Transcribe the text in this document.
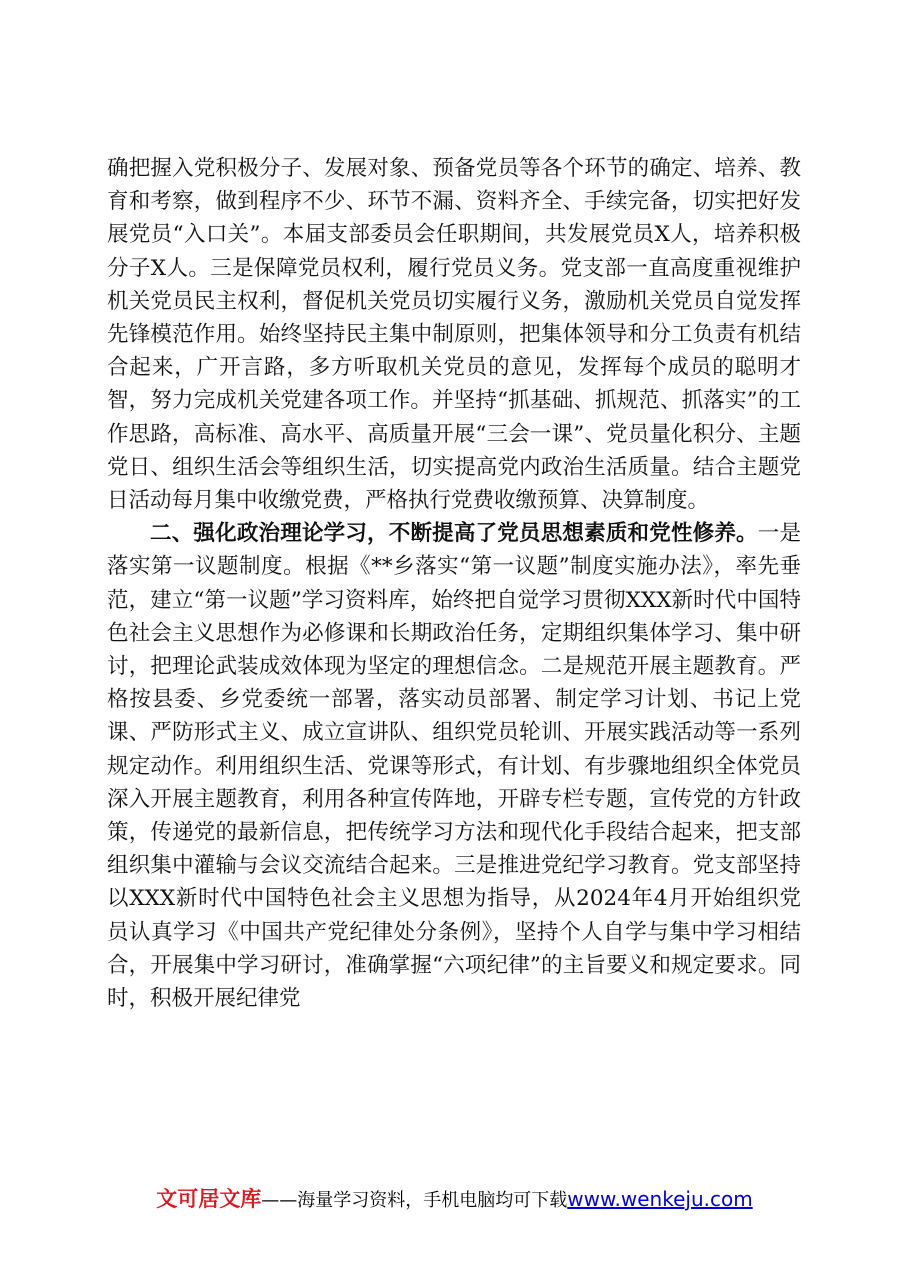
确把握入党积极分子、发展对象、预备党员等各个环节的确定、培养、教育和考察，做到程序不少、环节不漏、资料齐全、手续完备，切实把好发展党员“入口关”。本届支部委员会任职期间，共发展党员X人，培养积极分子X人。三是保障党员权利，履行党员义务。党支部一直高度重视维护机关党员民主权利，督促机关党员切实履行义务，激励机关党员自觉发挥先锋模范作用。始终坚持民主集中制原则，把集体领导和分工负责有机结合起来，广开言路，多方听取机关党员的意见，发挥每个成员的聪明才智，努力完成机关党建各项工作。并坚持“抓基础、抓规范、抓落实”的工作思路，高标准、高水平、高质量开展“三会一课”、党员量化积分、主题党日、组织生活会等组织生活，切实提高党内政治生活质量。结合主题党日活动每月集中收缴党费，严格执行党费收缴预算、决算制度。

二、强化政治理论学习，不断提高了党员思想素质和党性修养。一是落实第一议题制度。根据《**乡落实“第一议题”制度实施办法》，率先垂范，建立“第一议题”学习资料库，始终把自觉学习贯彻XXX新时代中国特色社会主义思想作为必修课和长期政治任务，定期组织集体学习、集中研讨，把理论武装成效体现为坚定的理想信念。二是规范开展主题教育。严格按县委、乡党委统一部署，落实动员部署、制定学习计划、书记上党课、严防形式主义、成立宣讲队、组织党员轮训、开展实践活动等一系列规定动作。利用组织生活、党课等形式，有计划、有步骤地组织全体党员深入开展主题教育，利用各种宣传阵地，开辟专栏专题，宣传党的方针政策，传递党的最新信息，把传统学习方法和现代化手段结合起来，把支部组织集中灌输与会议交流结合起来。三是推进党纪学习教育。党支部坚持以XXX新时代中国特色社会主义思想为指导，从2024年4月开始组织党员认真学习《中国共产党纪律处分条例》，坚持个人自学与集中学习相结合，开展集中学习研讨，准确掌握“六项纪律”的主旨要义和规定要求。同时，积极开展纪律党

文可居文库——海量学习资料，手机电脑均可下载www.wenkeju.com
